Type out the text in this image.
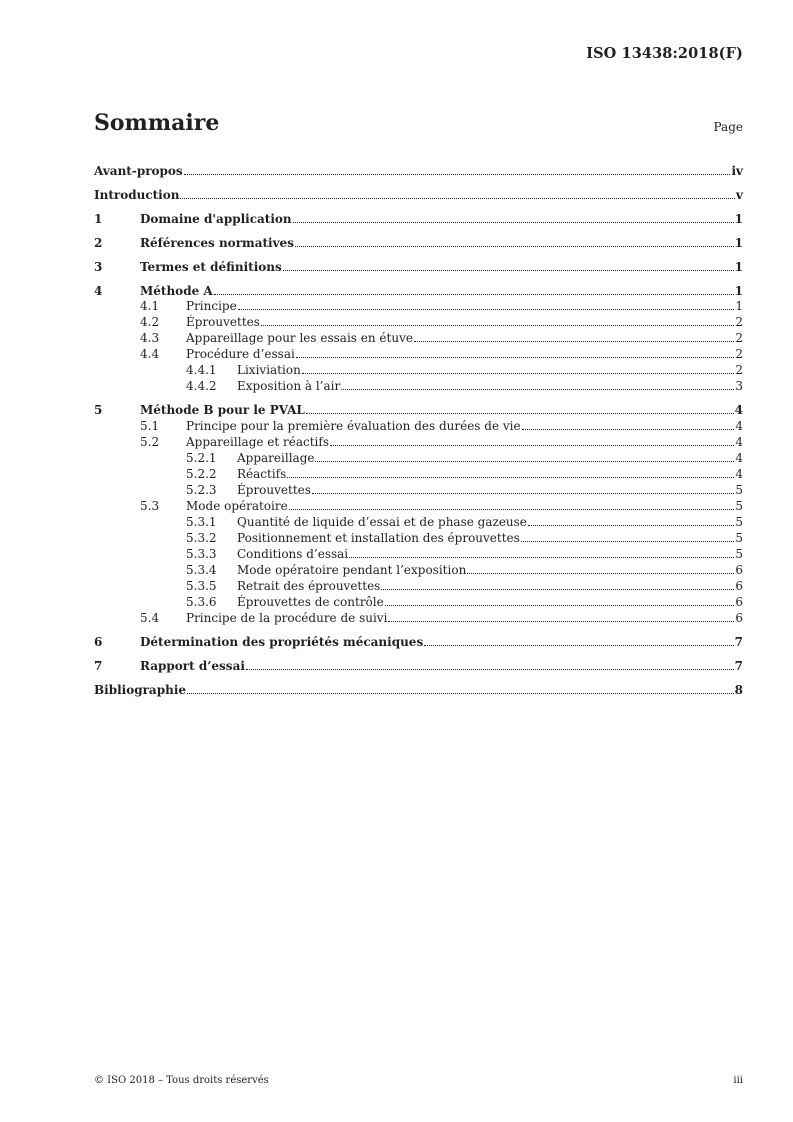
ISO 13438:2018(F)
Sommaire	Page
Avant-propos	iv
Introduction	v
1	Domaine d'application	1
2	Références normatives	1
3	Termes et définitions	1
4	Méthode A	1
4.1	Principe	1
4.2	Éprouvettes	2
4.3	Appareillage pour les essais en étuve	2
4.4	Procédure d’essai	2
4.4.1	Lixiviation	2
4.4.2	Exposition à l’air	3
5	Méthode B pour le PVAL	4
5.1	Principe pour la première évaluation des durées de vie	4
5.2	Appareillage et réactifs	4
5.2.1	Appareillage	4
5.2.2	Réactifs	4
5.2.3	Éprouvettes	5
5.3	Mode opératoire	5
5.3.1	Quantité de liquide d’essai et de phase gazeuse	5
5.3.2	Positionnement et installation des éprouvettes	5
5.3.3	Conditions d’essai	5
5.3.4	Mode opératoire pendant l’exposition	6
5.3.5	Retrait des éprouvettes	6
5.3.6	Éprouvettes de contrôle	6
5.4	Principe de la procédure de suivi	6
6	Détermination des propriétés mécaniques	7
7	Rapport d’essai	7
Bibliographie	8
© ISO 2018 – Tous droits réservés	iii
